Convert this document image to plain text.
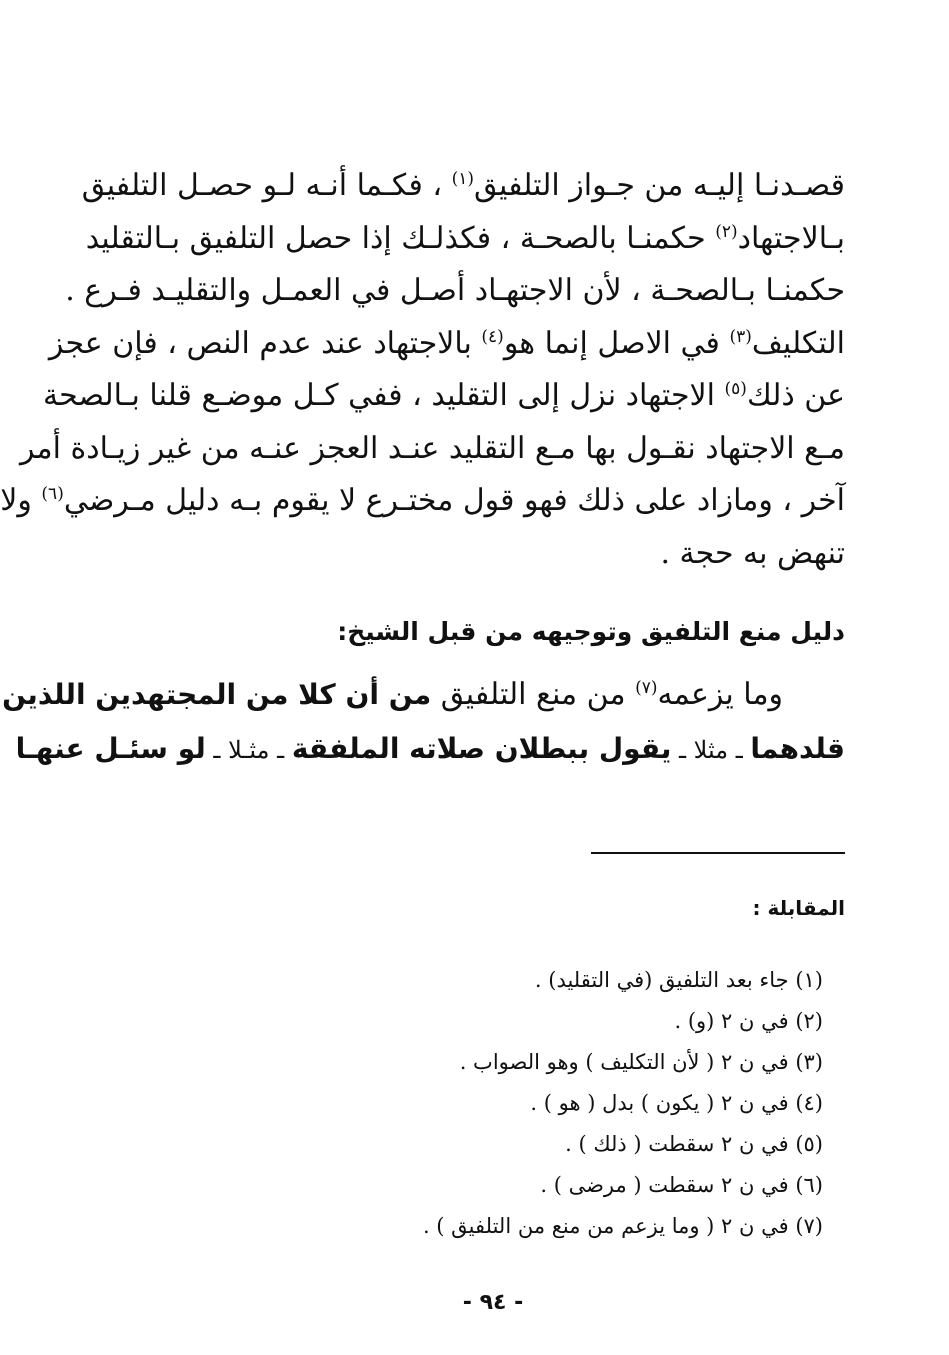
قصـدنـا إليـه من جـواز التلفيق$^{(١)}$ ، فكـما أنـه لـو حصـل التلفيق
بـالاجتهاد$^{(٢)}$ حكمنـا بالصحـة ، فكذلـك إذا حصل التلفيق بـالتقليد
حكمنـا بـالصحـة ، لأن الاجتهـاد أصـل في العمـل والتقليـد فـرع .
التكليف$^{(٣)}$ في الاصل إنما هو$^{(٤)}$ بالاجتهاد عند عدم النص ، فإن عجز
عن ذلك$^{(٥)}$ الاجتهاد نزل إلى التقليد ، ففي كـل موضـع قلنا بـالصحة
مـع الاجتهاد نقـول بها مـع التقليد عنـد العجز عنـه من غير زيـادة أمر
آخر ، ومازاد على ذلك فهو قول مختـرع لا يقوم بـه دليل مـرضي$^{(٦)}$ ولا
تنهض به حجة .
دليل منع التلفيق وتوجيهه من قبل الشيخ:
وما يزعمه$^{(٧)}$ من منع التلفيق من أن كلا من المجتهدين اللذين
قلدهما ـ مثلا ـ يقول ببطلان صلاته الملفقة ـ مثـلا ـ لو سئـل عنهـا
المقابلة :
(١) جاء بعد التلفيق (في التقليد) .
(٢) في ن ٢ (و) .
(٣) في ن ٢ ( لأن التكليف ) وهو الصواب .
(٤) في ن ٢ ( يكون ) بدل ( هو ) .
(٥) في ن ٢ سقطت ( ذلك ) .
(٦) في ن ٢ سقطت ( مرضى ) .
(٧) في ن ٢ ( وما يزعم من منع من التلفيق ) .
- ٩٤ -
